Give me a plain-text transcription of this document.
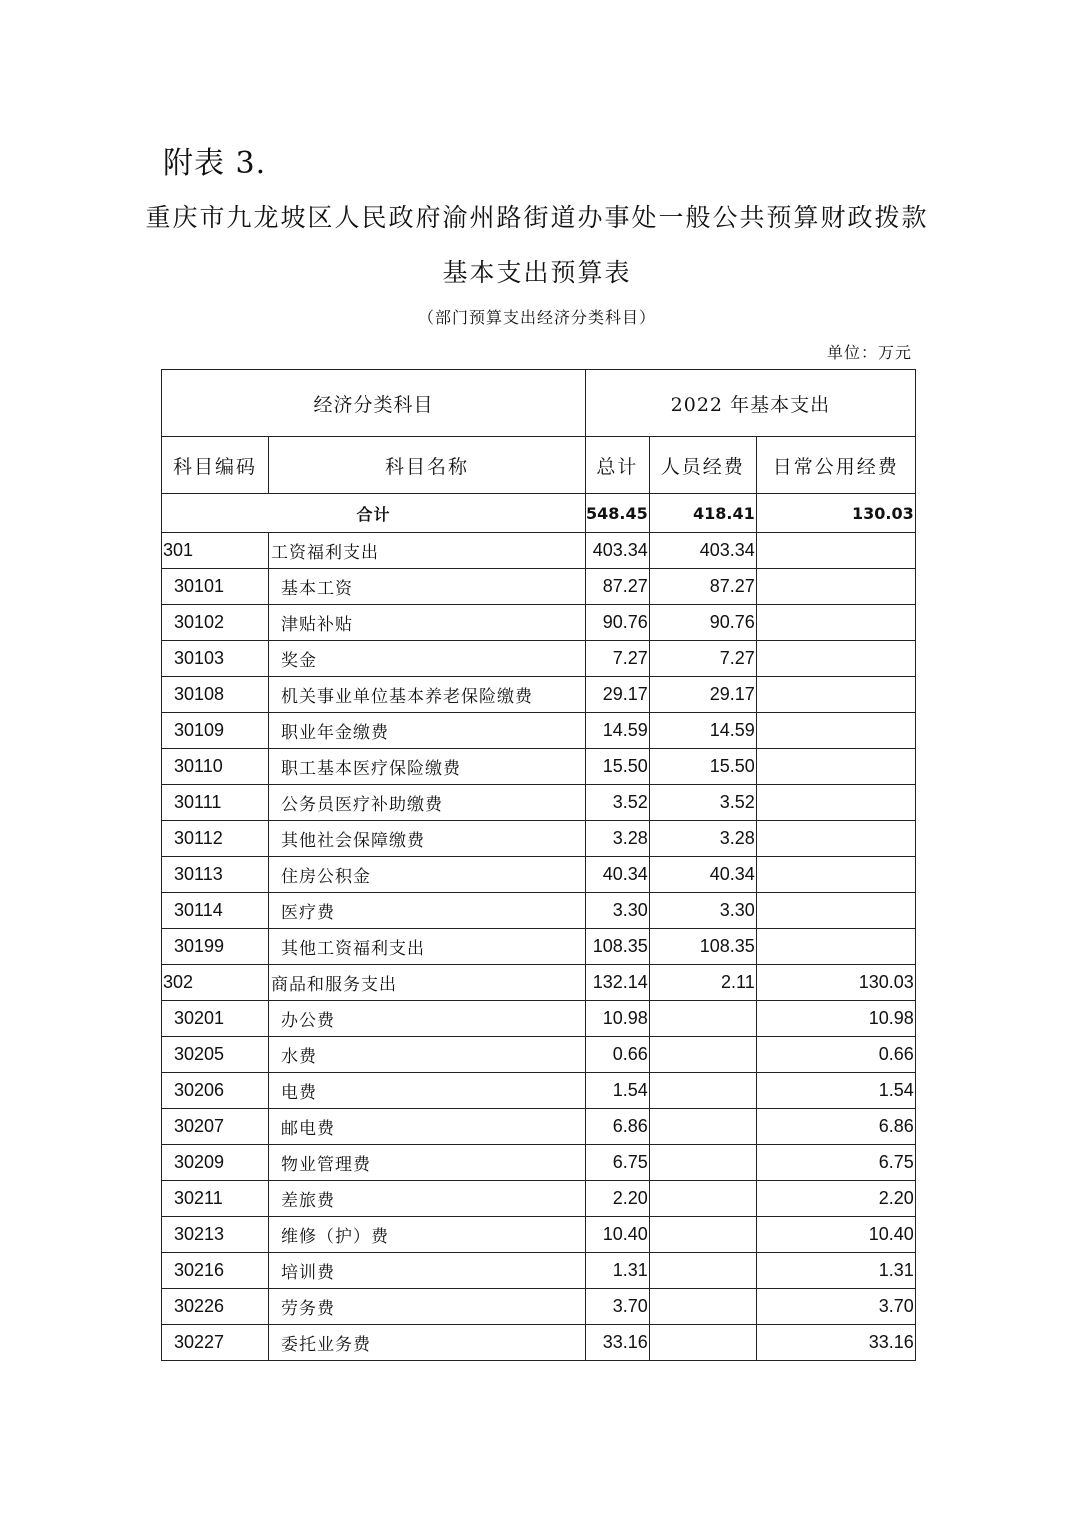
附表 3.
重庆市九龙坡区人民政府渝州路街道办事处一般公共预算财政拨款
基本支出预算表
（部门预算支出经济分类科目）
单位：万元
经济分类科目		2022 年基本支出		
科目编码	科目名称	总计	人员经费	日常公用经费
合计		548.45	418.41	130.03
301	工资福利支出	403.34	403.34	
30101	基本工资	87.27	87.27	
30102	津贴补贴	90.76	90.76	
30103	奖金	7.27	7.27	
30108	机关事业单位基本养老保险缴费	29.17	29.17	
30109	职业年金缴费	14.59	14.59	
30110	职工基本医疗保险缴费	15.50	15.50	
30111	公务员医疗补助缴费	3.52	3.52	
30112	其他社会保障缴费	3.28	3.28	
30113	住房公积金	40.34	40.34	
30114	医疗费	3.30	3.30	
30199	其他工资福利支出	108.35	108.35	
302	商品和服务支出	132.14	2.11	130.03
30201	办公费	10.98		10.98
30205	水费	0.66		0.66
30206	电费	1.54		1.54
30207	邮电费	6.86		6.86
30209	物业管理费	6.75		6.75
30211	差旅费	2.20		2.20
30213	维修（护）费	10.40		10.40
30216	培训费	1.31		1.31
30226	劳务费	3.70		3.70
30227	委托业务费	33.16		33.16
